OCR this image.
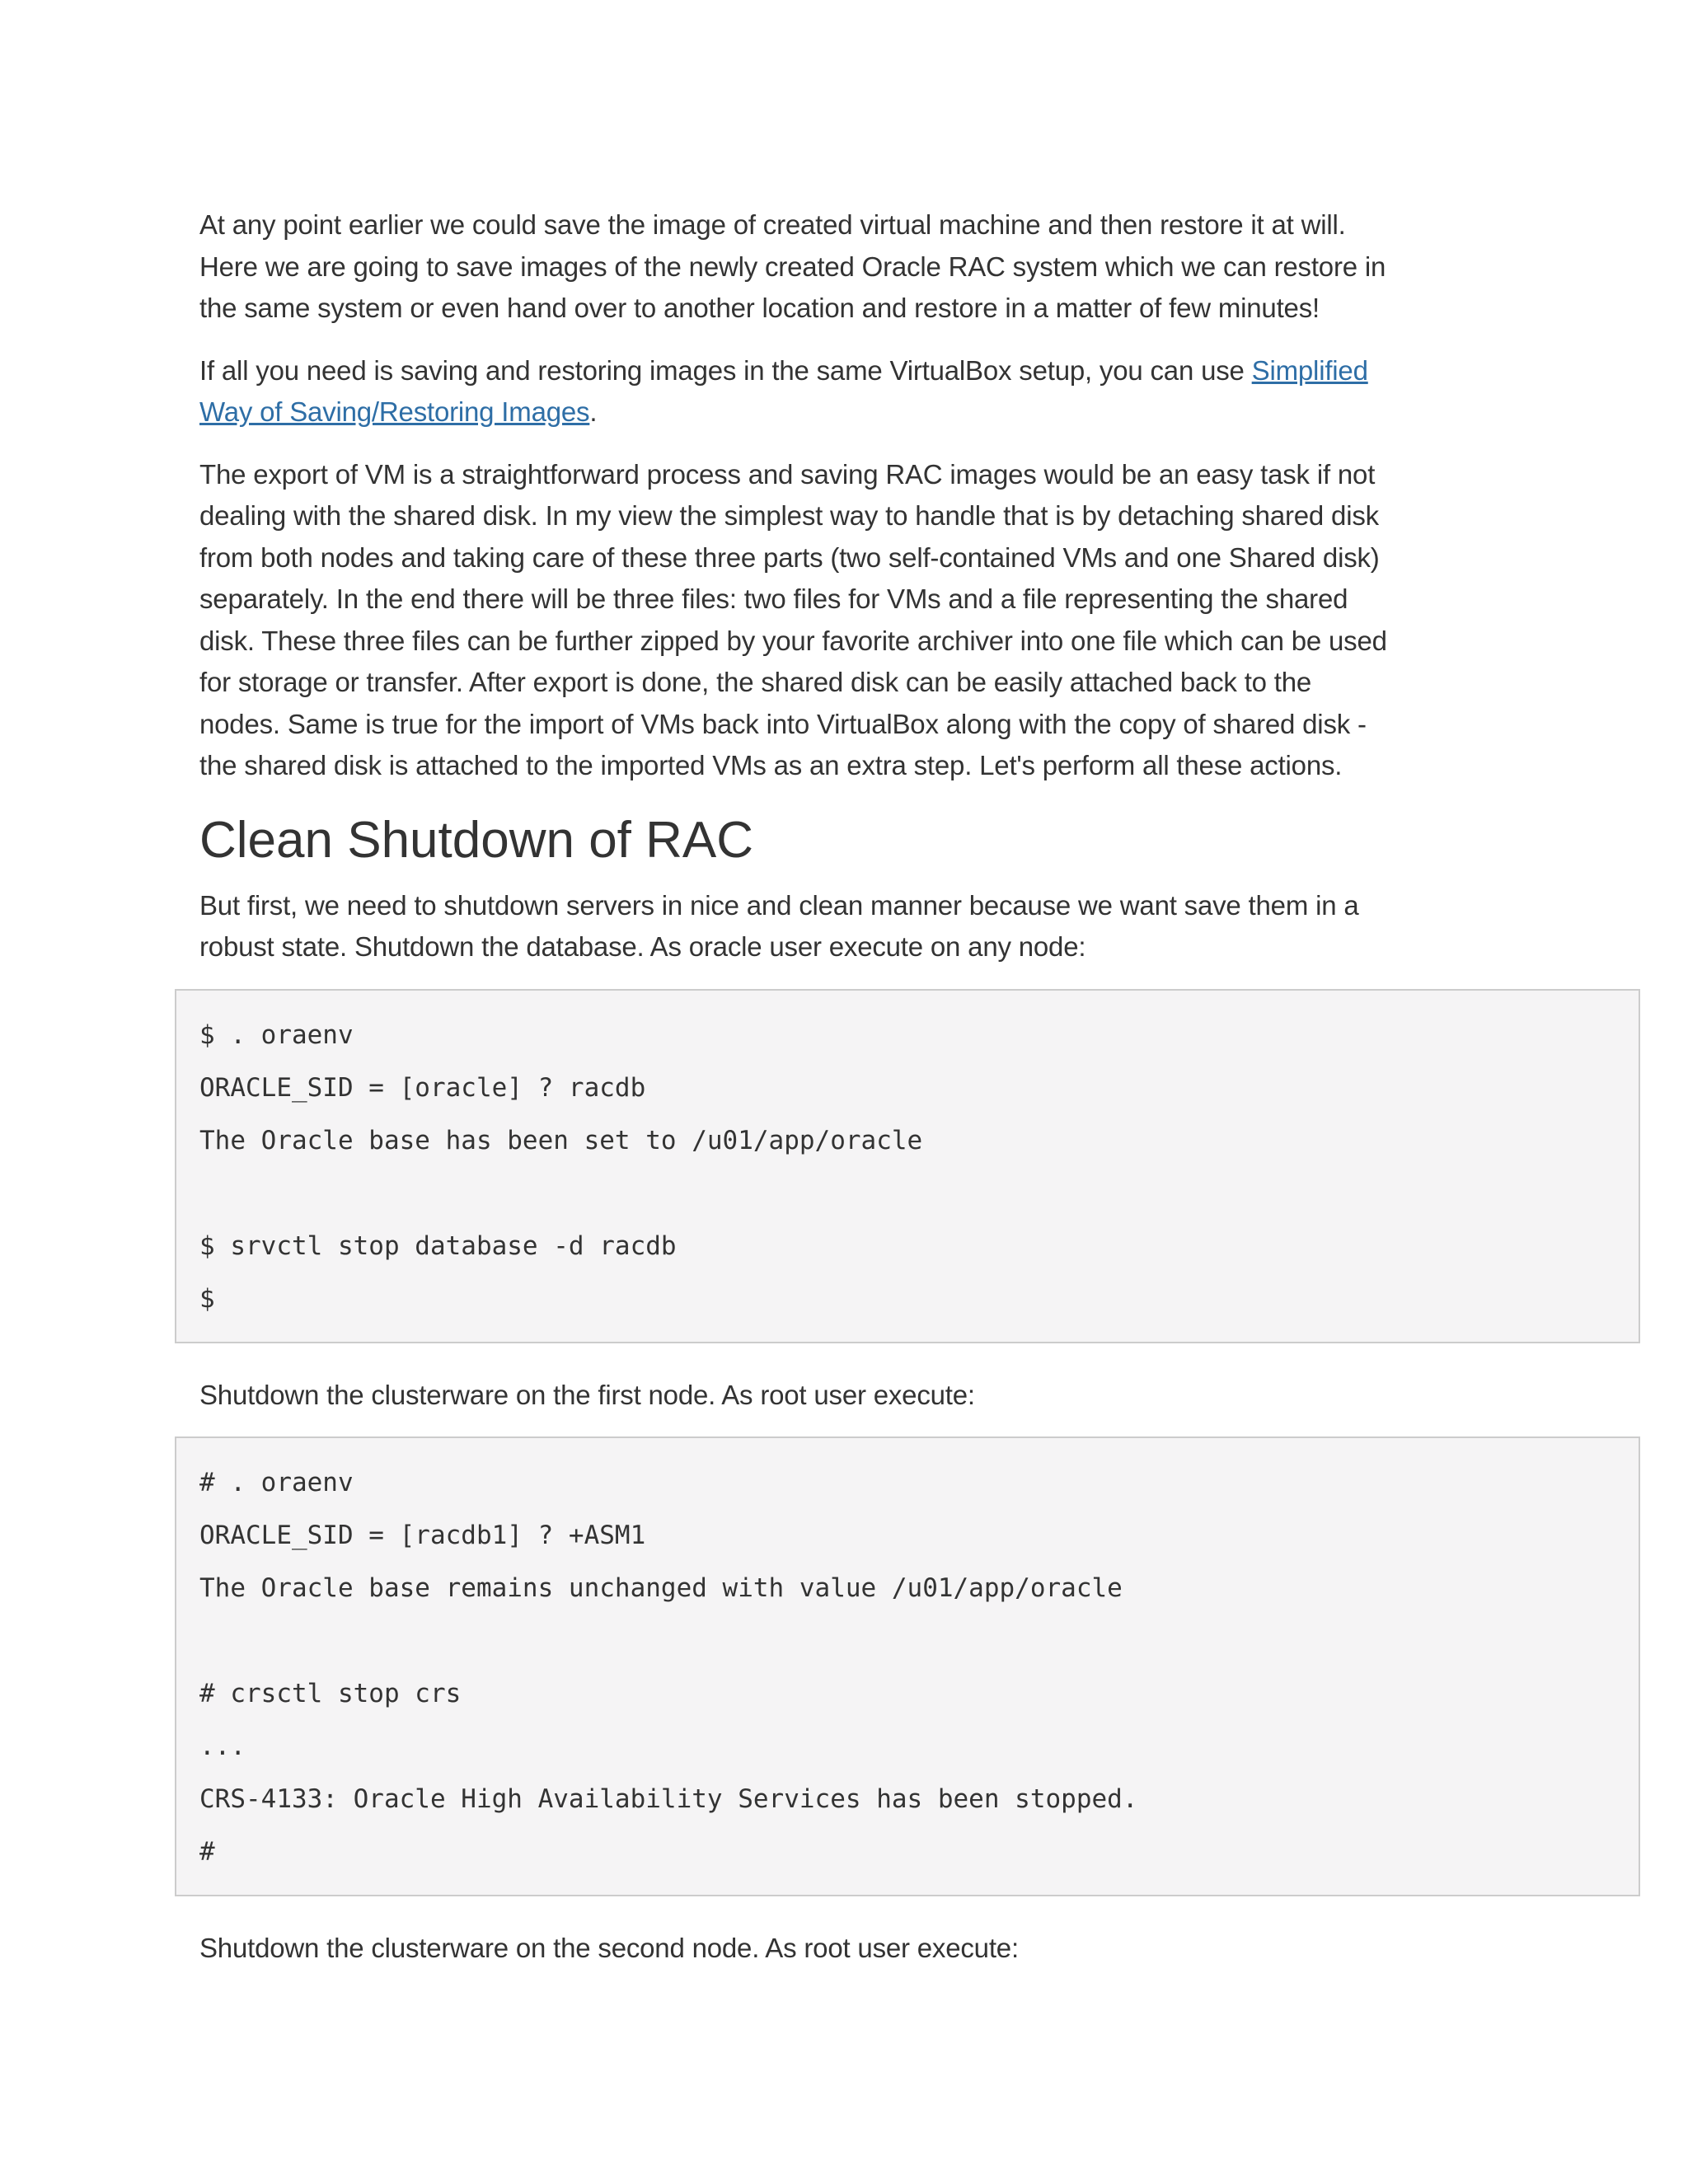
At any point earlier we could save the image of created virtual machine and then restore it at will.
Here we are going to save images of the newly created Oracle RAC system which we can restore in
the same system or even hand over to another location and restore in a matter of few minutes!

If all you need is saving and restoring images in the same VirtualBox setup, you can use Simplified
Way of Saving/Restoring Images.

The export of VM is a straightforward process and saving RAC images would be an easy task if not
dealing with the shared disk. In my view the simplest way to handle that is by detaching shared disk
from both nodes and taking care of these three parts (two self-contained VMs and one Shared disk)
separately. In the end there will be three files: two files for VMs and a file representing the shared
disk. These three files can be further zipped by your favorite archiver into one file which can be used
for storage or transfer. After export is done, the shared disk can be easily attached back to the
nodes. Same is true for the import of VMs back into VirtualBox along with the copy of shared disk -
the shared disk is attached to the imported VMs as an extra step. Let's perform all these actions.

Clean Shutdown of RAC

But first, we need to shutdown servers in nice and clean manner because we want save them in a
robust state. Shutdown the database. As oracle user execute on any node:

$ . oraenv
ORACLE_SID = [oracle] ? racdb
The Oracle base has been set to /u01/app/oracle
$ srvctl stop database -d racdb
$

Shutdown the clusterware on the first node. As root user execute:

# . oraenv
ORACLE_SID = [racdb1] ? +ASM1
The Oracle base remains unchanged with value /u01/app/oracle
# crsctl stop crs
...
CRS-4133: Oracle High Availability Services has been stopped.
#

Shutdown the clusterware on the second node. As root user execute:
